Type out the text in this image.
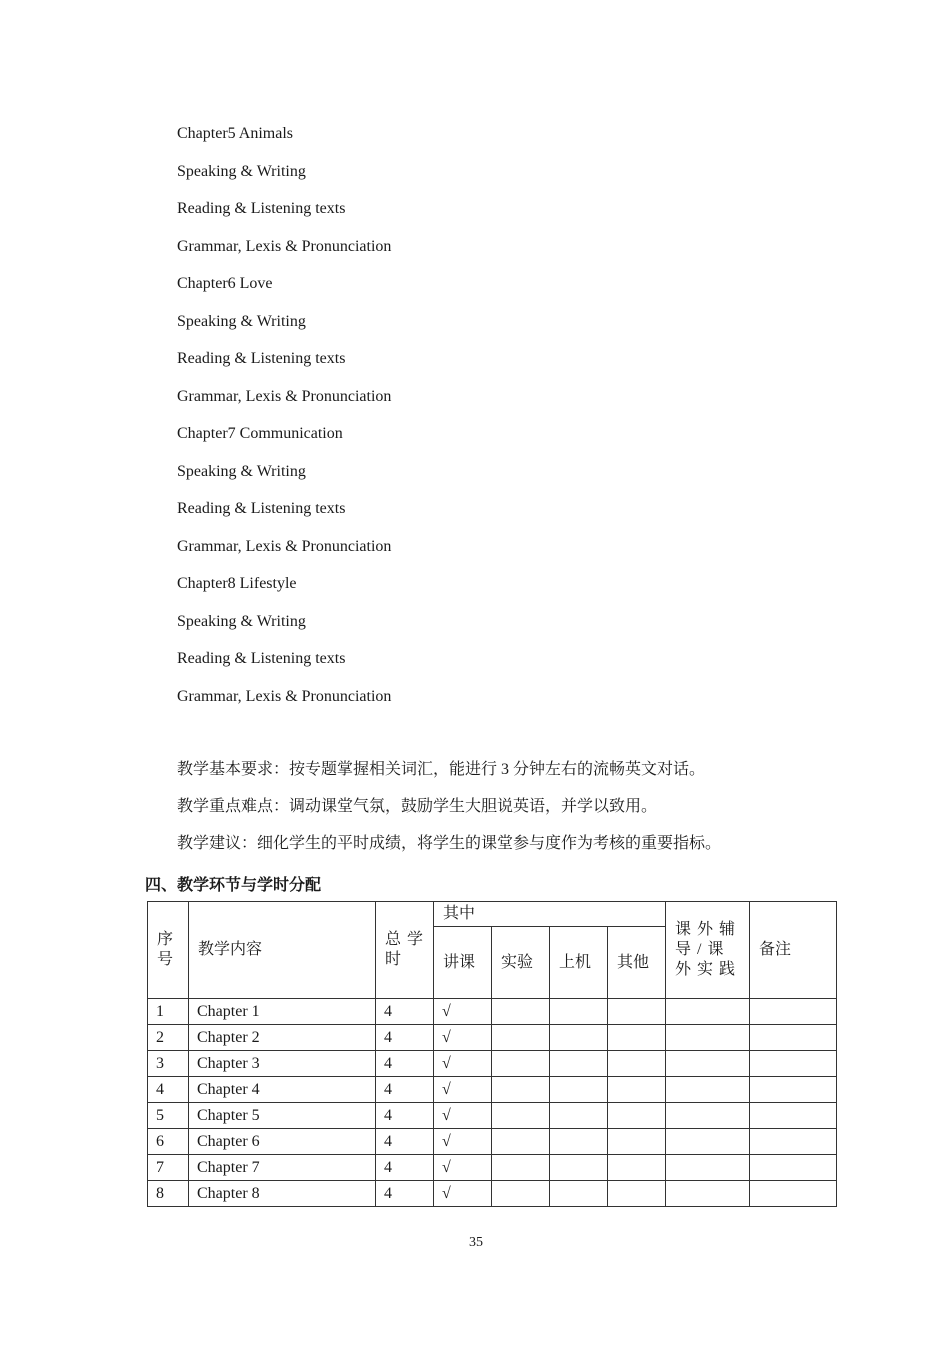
Chapter5 Animals
Speaking & Writing
Reading & Listening texts
Grammar, Lexis & Pronunciation
Chapter6 Love
Speaking & Writing
Reading & Listening texts
Grammar, Lexis & Pronunciation
Chapter7 Communication
Speaking & Writing
Reading & Listening texts
Grammar, Lexis & Pronunciation
Chapter8 Lifestyle
Speaking & Writing
Reading & Listening texts
Grammar, Lexis & Pronunciation
教学基本要求：按专题掌握相关词汇，能进行 3 分钟左右的流畅英文对话。
教学重点难点：调动课堂气氛，鼓励学生大胆说英语，并学以致用。
教学建议：细化学生的平时成绩，将学生的课堂参与度作为考核的重要指标。
四、教学环节与学时分配
序号	教学内容	总学时	其中				课外辅导/课外实践	备注
			讲课	实验	上机	其他		
1	Chapter 1	4	√					
2	Chapter 2	4	√					
3	Chapter 3	4	√					
4	Chapter 4	4	√					
5	Chapter 5	4	√					
6	Chapter 6	4	√					
7	Chapter 7	4	√					
8	Chapter 8	4	√					
35
